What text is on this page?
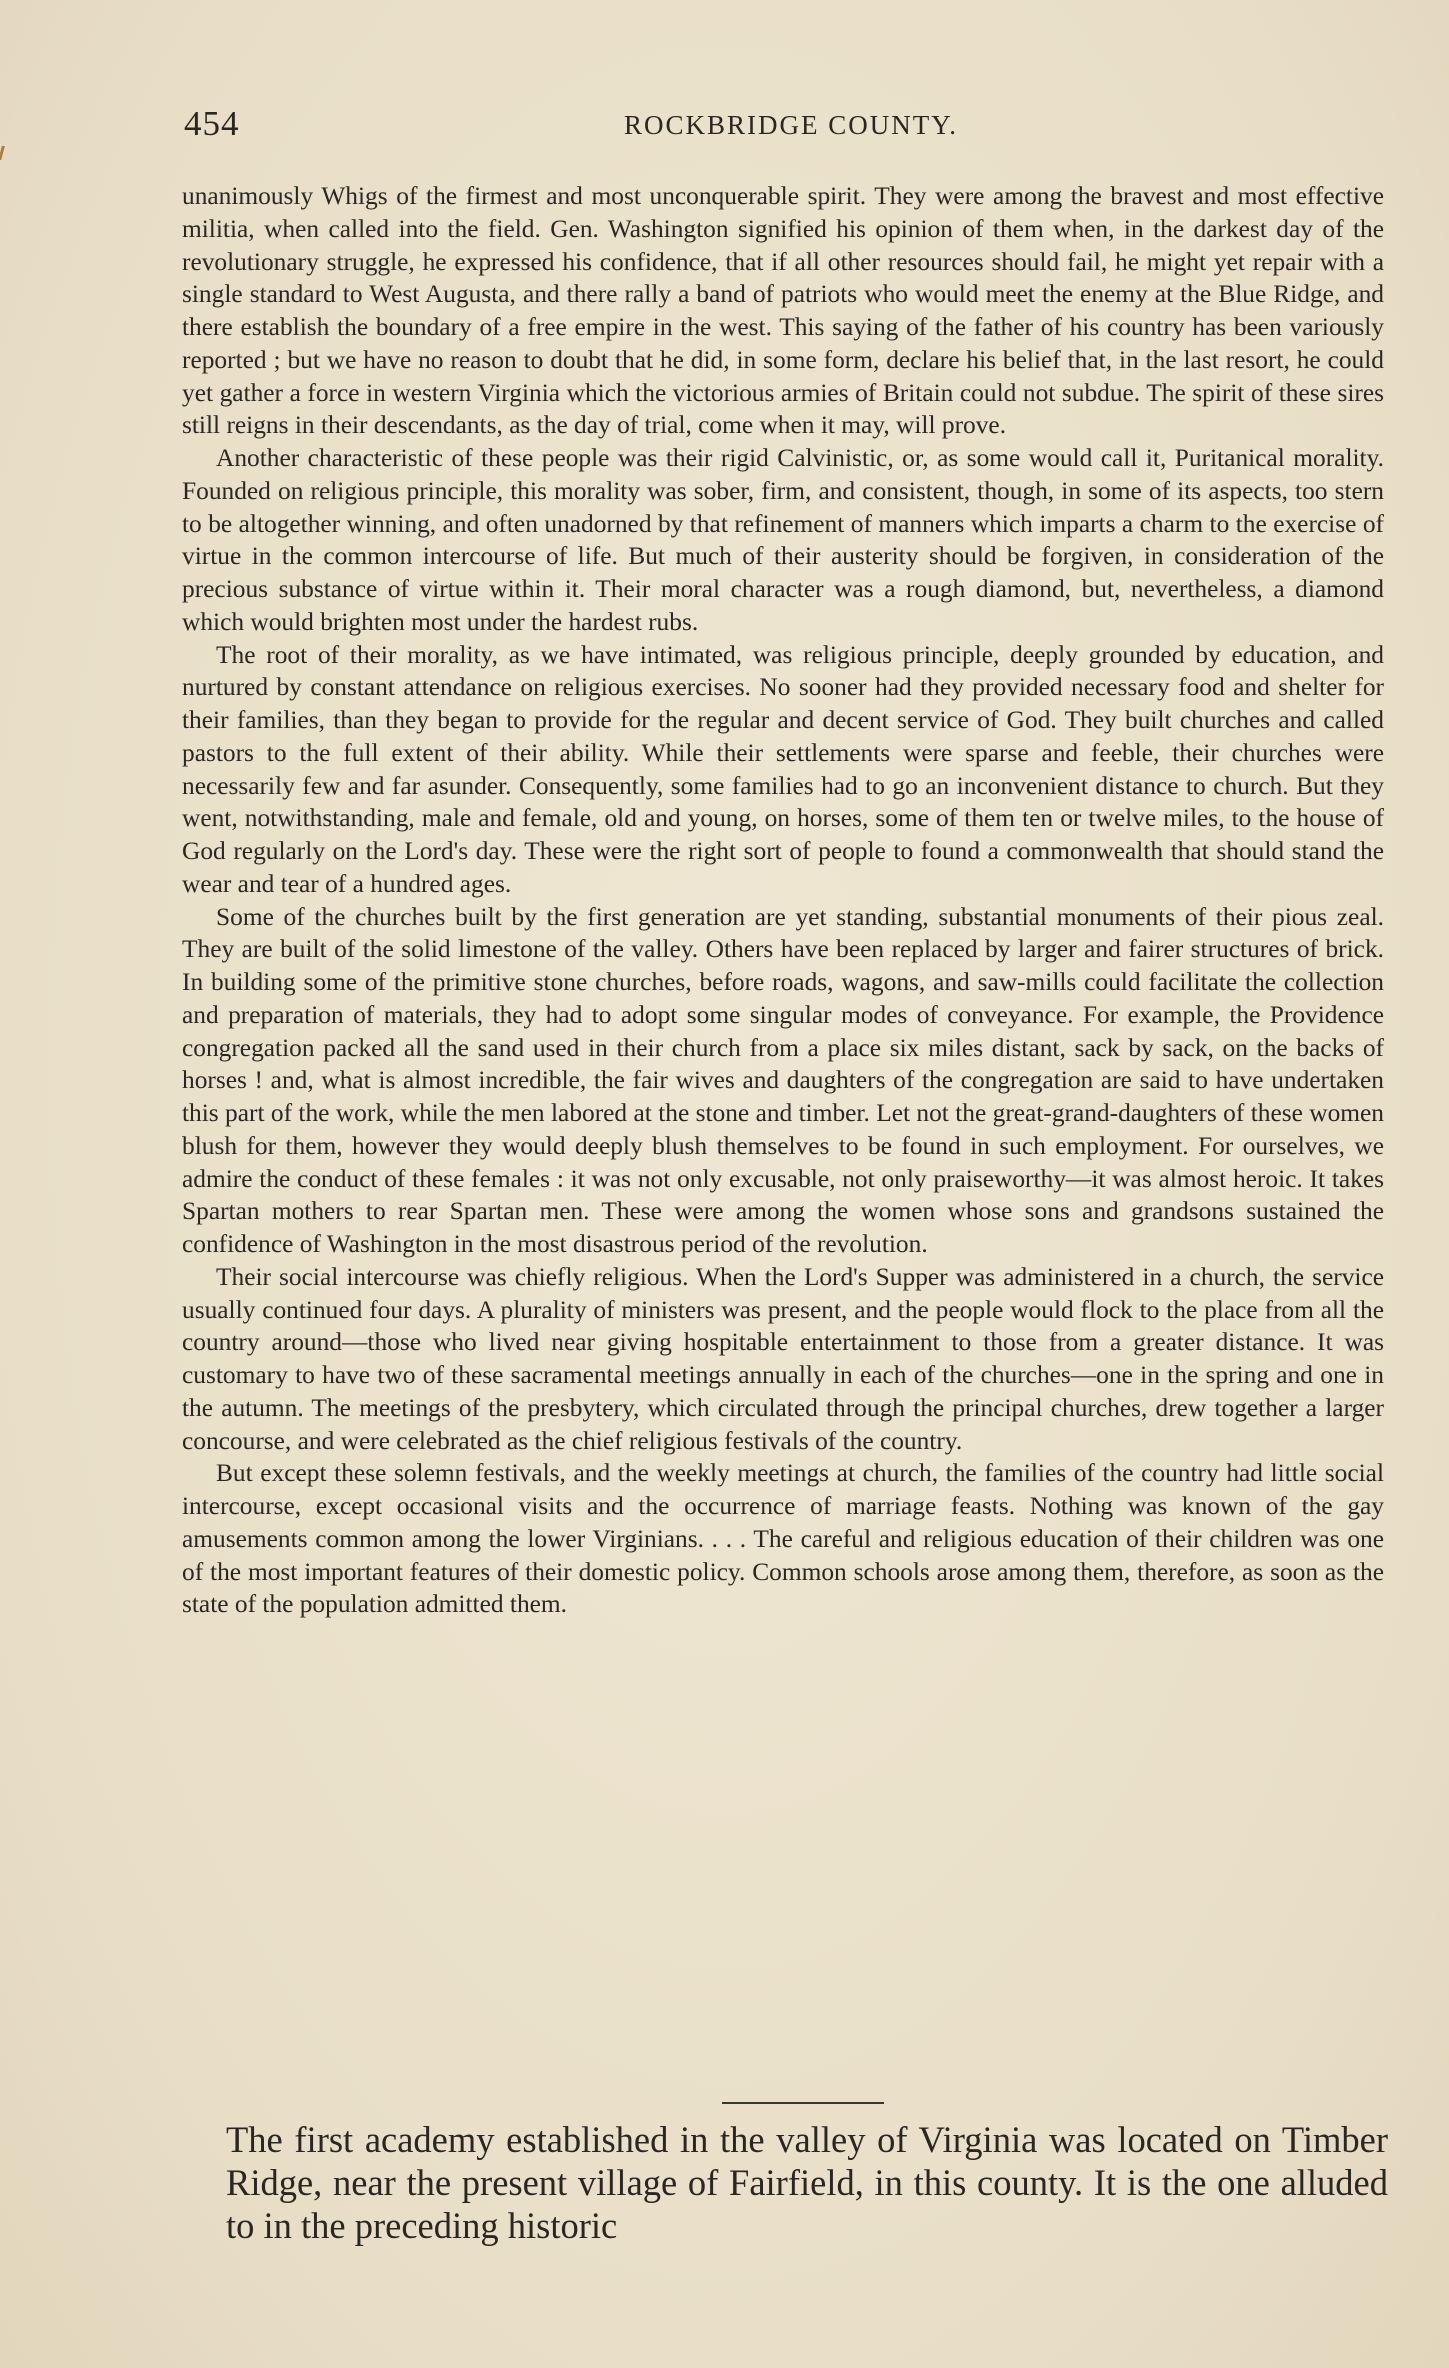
454	ROCKBRIDGE COUNTY.

unanimously Whigs of the firmest and most unconquerable spirit. They were among the bravest and most effective militia, when called into the field. Gen. Washington signified his opinion of them when, in the darkest day of the revolutionary struggle, he expressed his confidence, that if all other resources should fail, he might yet repair with a single standard to West Augusta, and there rally a band of patriots who would meet the enemy at the Blue Ridge, and there establish the boundary of a free empire in the west. This saying of the father of his country has been variously reported ; but we have no reason to doubt that he did, in some form, declare his belief that, in the last resort, he could yet gather a force in western Virginia which the victorious armies of Britain could not subdue. The spirit of these sires still reigns in their descendants, as the day of trial, come when it may, will prove.

Another characteristic of these people was their rigid Calvinistic, or, as some would call it, Puritanical morality. Founded on religious principle, this morality was sober, firm, and consistent, though, in some of its aspects, too stern to be altogether winning, and often unadorned by that refinement of manners which imparts a charm to the exercise of virtue in the common intercourse of life. But much of their austerity should be forgiven, in consideration of the precious substance of virtue within it. Their moral character was a rough diamond, but, nevertheless, a diamond which would brighten most under the hardest rubs.

The root of their morality, as we have intimated, was religious principle, deeply grounded by education, and nurtured by constant attendance on religious exercises. No sooner had they provided necessary food and shelter for their families, than they began to provide for the regular and decent service of God. They built churches and called pastors to the full extent of their ability. While their settlements were sparse and feeble, their churches were necessarily few and far asunder. Consequently, some families had to go an inconvenient distance to church. But they went, notwithstanding, male and female, old and young, on horses, some of them ten or twelve miles, to the house of God regularly on the Lord's day. These were the right sort of people to found a commonwealth that should stand the wear and tear of a hundred ages.

Some of the churches built by the first generation are yet standing, substantial monuments of their pious zeal. They are built of the solid limestone of the valley. Others have been replaced by larger and fairer structures of brick. In building some of the primitive stone churches, before roads, wagons, and saw-mills could facilitate the collection and preparation of materials, they had to adopt some singular modes of conveyance. For example, the Providence congregation packed all the sand used in their church from a place six miles distant, sack by sack, on the backs of horses ! and, what is almost incredible, the fair wives and daughters of the congregation are said to have undertaken this part of the work, while the men labored at the stone and timber. Let not the great-grand-daughters of these women blush for them, however they would deeply blush themselves to be found in such employment. For ourselves, we admire the conduct of these females : it was not only excusable, not only praiseworthy—it was almost heroic. It takes Spartan mothers to rear Spartan men. These were among the women whose sons and grandsons sustained the confidence of Washington in the most disastrous period of the revolution.

Their social intercourse was chiefly religious. When the Lord's Supper was administered in a church, the service usually continued four days. A plurality of ministers was present, and the people would flock to the place from all the country around—those who lived near giving hospitable entertainment to those from a greater distance. It was customary to have two of these sacramental meetings annually in each of the churches—one in the spring and one in the autumn. The meetings of the presbytery, which circulated through the principal churches, drew together a larger concourse, and were celebrated as the chief religious festivals of the country.

But except these solemn festivals, and the weekly meetings at church, the families of the country had little social intercourse, except occasional visits and the occurrence of marriage feasts. Nothing was known of the gay amusements common among the lower Virginians. . . . The careful and religious education of their children was one of the most important features of their domestic policy. Common schools arose among them, therefore, as soon as the state of the population admitted them.

The first academy established in the valley of Virginia was located on Timber Ridge, near the present village of Fairfield, in this county. It is the one alluded to in the preceding historic
